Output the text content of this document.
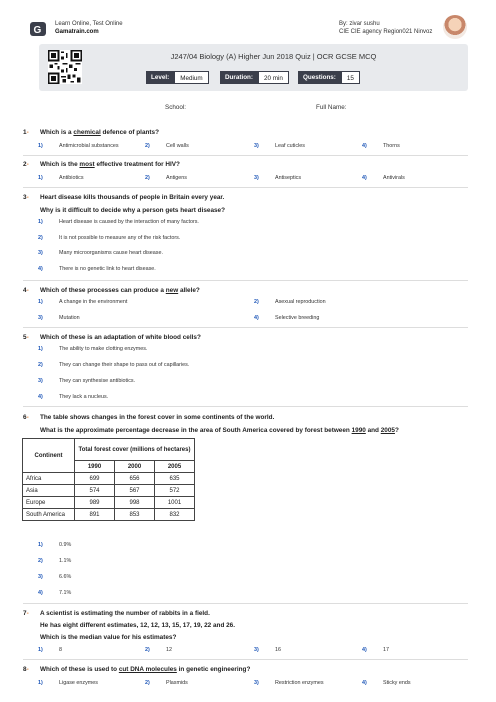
G
Learn Online, Test Online
Gamatrain.com
By: zivar sushu
CIE CIE agency Region021 Ninvoz
J247/04 Biology (A) Higher Jun 2018 Quiz | OCR GCSE MCQ
Level:	Medium	Duration:	20 min	Questions:	15
School:	Full Name:
1- Which is a chemical defence of plants?
1)	Antimicrobial substances	2)	Cell walls	3)	Leaf cuticles	4)	Thorns
2- Which is the most effective treatment for HIV?
1)	Antibiotics	2)	Antigens	3)	Antiseptics	4)	Antivirals
3- Heart disease kills thousands of people in Britain every year.
Why is it difficult to decide why a person gets heart disease?
1)	Heart disease is caused by the interaction of many factors.
2)	It is not possible to measure any of the risk factors.
3)	Many microorganisms cause heart disease.
4)	There is no genetic link to heart disease.
4- Which of these processes can produce a new allele?
1)	A change in the environment	2)	Asexual reproduction
3)	Mutation	4)	Selective breeding
5- Which of these is an adaptation of white blood cells?
1)	The ability to make clotting enzymes.
2)	They can change their shape to pass out of capillaries.
3)	They can synthesise antibiotics.
4)	They lack a nucleus.
6- The table shows changes in the forest cover in some continents of the world.
What is the approximate percentage decrease in the area of South America covered by forest between 1990 and 2005?
Continent	Total forest cover (millions of hectares)		
	1990	2000	2005
Africa	699	656	635
Asia	574	567	572
Europe	989	998	1001
South America	891	853	832
1)	0.9%
2)	1.1%
3)	6.6%
4)	7.1%
7- A scientist is estimating the number of rabbits in a field.
He has eight different estimates, 12, 12, 13, 15, 17, 19, 22 and 26.
Which is the median value for his estimates?
1)	8	2)	12	3)	16	4)	17
8- Which of these is used to cut DNA molecules in genetic engineering?
1)	Ligase enzymes	2)	Plasmids	3)	Restriction enzymes	4)	Sticky ends
